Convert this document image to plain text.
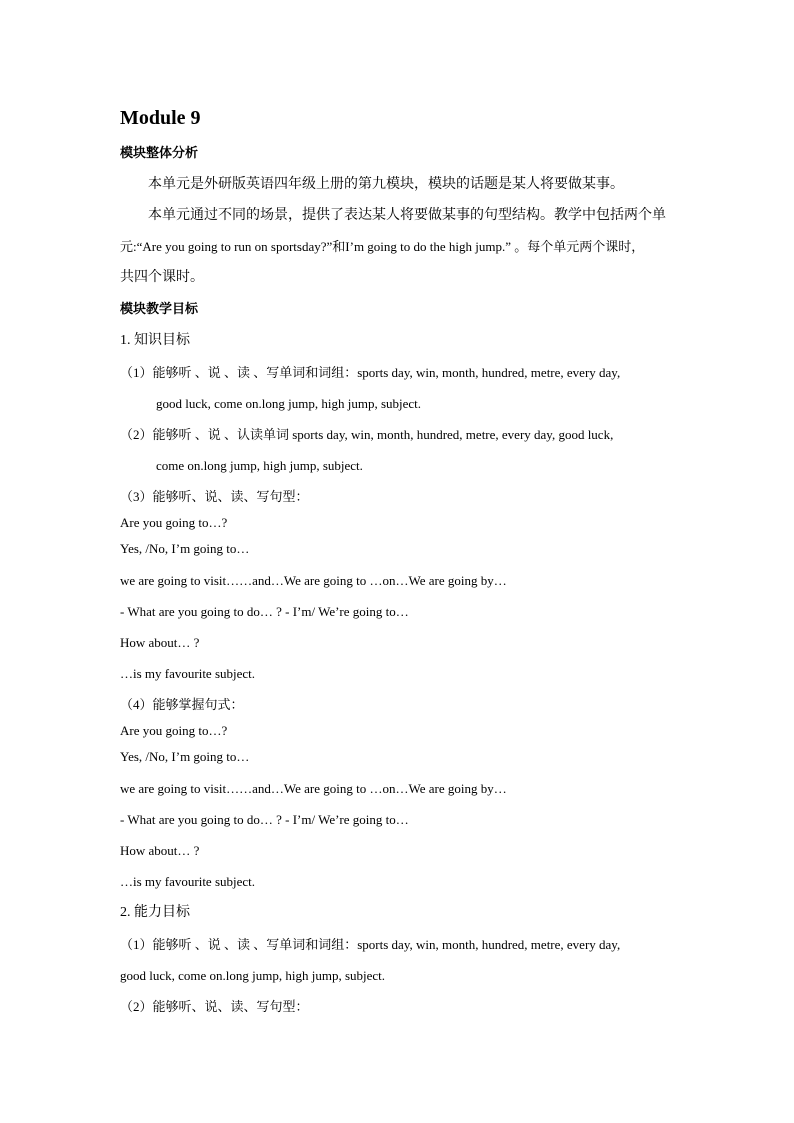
Module 9
模块整体分析
本单元是外研版英语四年级上册的第九模块，模块的话题是某人将要做某事。
本单元通过不同的场景，提供了表达某人将要做某事的句型结构。教学中包括两个单
元:“Are you going to run on sportsday?”和I’m going to do the high jump.” 。每个单元两个课时，
共四个课时。
模块教学目标
1. 知识目标
（1）能够听 、说 、读 、写单词和词组：sports day, win, month, hundred, metre, every day,
good luck, come on.long jump, high jump, subject.
（2）能够听 、说 、认读单词 sports day, win, month, hundred, metre, every day, good luck,
come on.long jump, high jump, subject.
（3）能够听、说、读、写句型：
Are you going to…?
Yes, /No, I’m going to…
we are going to visit……and…We are going to …on…We are going by…
- What are you going to do… ? - I’m/ We’re going to…
How about… ?
…is my favourite subject.
（4）能够掌握句式：
Are you going to…?
Yes, /No, I’m going to…
we are going to visit……and…We are going to …on…We are going by…
- What are you going to do… ? - I’m/ We’re going to…
How about… ?
…is my favourite subject.
2. 能力目标
（1）能够听 、说 、读 、写单词和词组：sports day, win, month, hundred, metre, every day,
good luck, come on.long jump, high jump, subject.
（2）能够听、说、读、写句型：
